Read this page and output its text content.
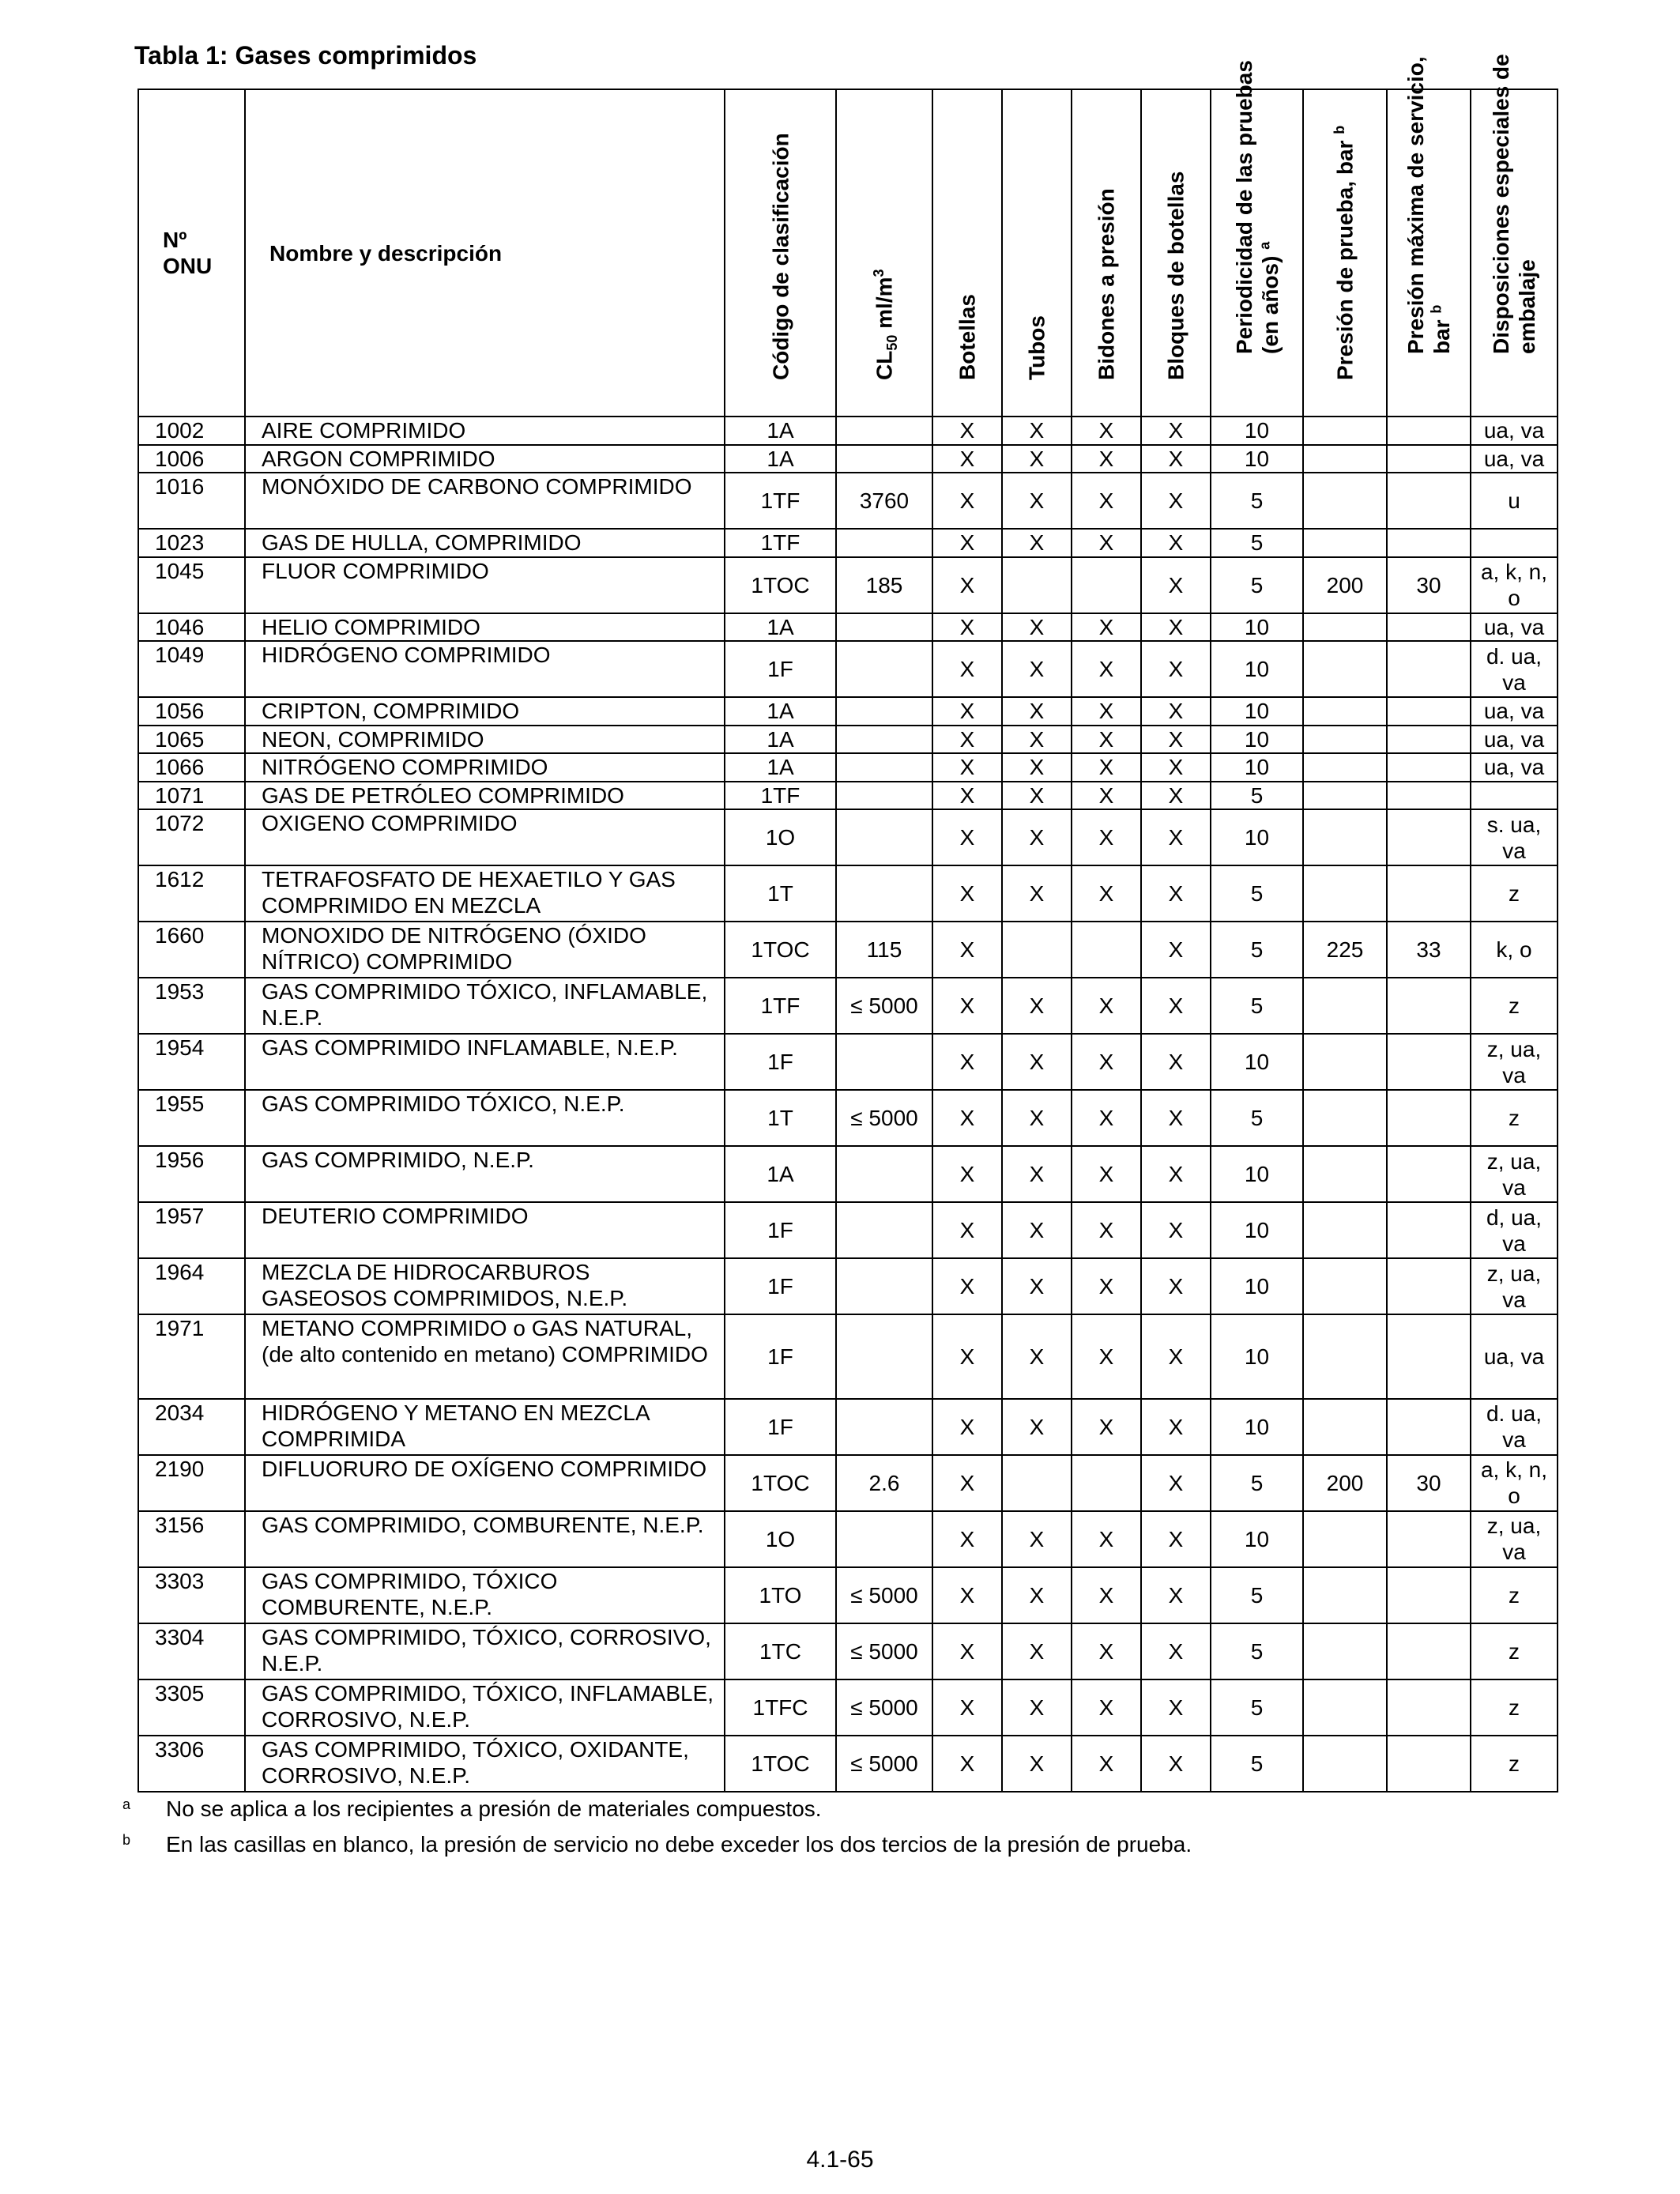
Tabla 1: Gases comprimidos
Nº
ONU	Nombre y descripción	Código de clasificación	$CL_{50}$ $ml/m^3$	Botellas	Tubos	Bidones a presión	Bloques de botellas	Periodicidad de las pruebas (en años) $^a$	Presión de prueba, bar $^b$	Presión máxima de servicio, bar $^b$	Disposiciones especiales de embalaje

1002	AIRE COMPRIMIDO	1A		X	X	X	X	10			ua, va
1006	ARGON COMPRIMIDO	1A		X	X	X	X	10			ua, va
1016	MONÓXIDO DE CARBONO COMPRIMIDO	1TF	3760	X	X	X	X	5			u
1023	GAS DE HULLA, COMPRIMIDO	1TF		X	X	X	X	5			
1045	FLUOR COMPRIMIDO	1TOC	185	X			X	5	200	30	a, k, n, o
1046	HELIO COMPRIMIDO	1A		X	X	X	X	10			ua, va
1049	HIDRÓGENO COMPRIMIDO	1F		X	X	X	X	10			d. ua, va
1056	CRIPTON, COMPRIMIDO	1A		X	X	X	X	10			ua, va
1065	NEON, COMPRIMIDO	1A		X	X	X	X	10			ua, va
1066	NITRÓGENO COMPRIMIDO	1A		X	X	X	X	10			ua, va
1071	GAS DE PETRÓLEO COMPRIMIDO	1TF		X	X	X	X	5			
1072	OXIGENO COMPRIMIDO	1O		X	X	X	X	10			s. ua, va
1612	TETRAFOSFATO DE HEXAETILO Y GAS COMPRIMIDO EN MEZCLA	1T		X	X	X	X	5			z
1660	MONOXIDO DE NITRÓGENO (ÓXIDO NÍTRICO) COMPRIMIDO	1TOC	115	X			X	5	225	33	k, o
1953	GAS COMPRIMIDO TÓXICO, INFLAMABLE, N.E.P.	1TF	≤ 5000	X	X	X	X	5			z
1954	GAS COMPRIMIDO INFLAMABLE, N.E.P.	1F		X	X	X	X	10			z, ua, va
1955	GAS COMPRIMIDO TÓXICO, N.E.P.	1T	≤ 5000	X	X	X	X	5			z
1956	GAS COMPRIMIDO, N.E.P.	1A		X	X	X	X	10			z, ua, va
1957	DEUTERIO COMPRIMIDO	1F		X	X	X	X	10			d, ua, va
1964	MEZCLA DE HIDROCARBUROS GASEOSOS COMPRIMIDOS, N.E.P.	1F		X	X	X	X	10			z, ua, va
1971	METANO COMPRIMIDO o GAS NATURAL, (de alto contenido en metano) COMPRIMIDO	1F		X	X	X	X	10			ua, va
2034	HIDRÓGENO Y METANO EN MEZCLA COMPRIMIDA	1F		X	X	X	X	10			d. ua, va
2190	DIFLUORURO DE OXÍGENO COMPRIMIDO	1TOC	2.6	X			X	5	200	30	a, k, n, o
3156	GAS COMPRIMIDO, COMBURENTE, N.E.P.	1O		X	X	X	X	10			z, ua, va
3303	GAS COMPRIMIDO, TÓXICO COMBURENTE, N.E.P.	1TO	≤ 5000	X	X	X	X	5			z
3304	GAS COMPRIMIDO, TÓXICO, CORROSIVO, N.E.P.	1TC	≤ 5000	X	X	X	X	5			z
3305	GAS COMPRIMIDO, TÓXICO, INFLAMABLE, CORROSIVO, N.E.P.	1TFC	≤ 5000	X	X	X	X	5			z
3306	GAS COMPRIMIDO, TÓXICO, OXIDANTE, CORROSIVO, N.E.P.	1TOC	≤ 5000	X	X	X	X	5			z
a No se aplica a los recipientes a presión de materiales compuestos.
b En las casillas en blanco, la presión de servicio no debe exceder los dos tercios de la presión de prueba.
4.1-65
